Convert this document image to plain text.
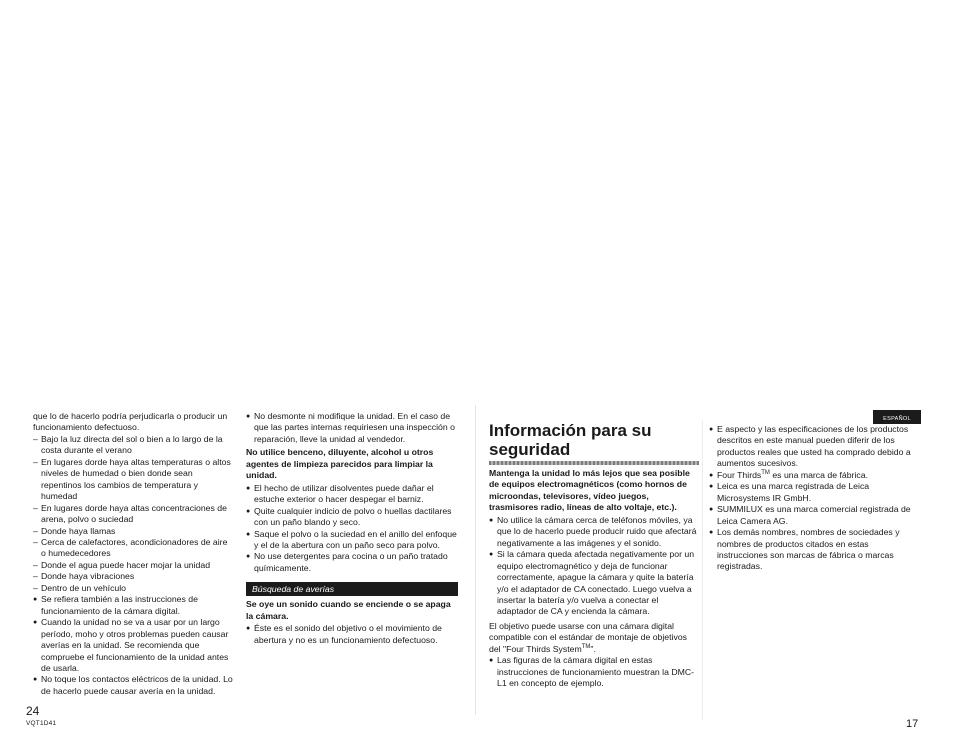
que lo de hacerlo podría perjudicarla o producir un funcionamiento defectuoso.

– Bajo la luz directa del sol o bien a lo largo de la costa durante el verano
– En lugares dorde haya altas temperaturas o altos niveles de humedad o bien donde sean repentinos los cambios de temperatura y humedad
– En lugares dorde haya altas concentraciones de arena, polvo o suciedad
– Donde haya llamas
– Cerca de calefactores, acondicionadores de aire o humedecedores
– Donde el agua puede hacer mojar la unidad
– Donde haya vibraciones
– Dentro de un vehículo
● Se refiera también a las instrucciones de funcionamiento de la cámara digital.
● Cuando la unidad no se va a usar por un largo período, moho y otros problemas pueden causar averías en la unidad. Se recomienda que compruebe el funcionamiento de la unidad antes de usarla.
● No toque los contactos eléctricos de la unidad. Lo de hacerlo puede causar avería en la unidad.
● No desmonte ni modifique la unidad. En el caso de que las partes internas requiriesen una inspección o reparación, lleve la unidad al vendedor.

No utilice benceno, diluyente, alcohol u otros agentes de limpieza parecidos para limpiar la unidad.

● El hecho de utilizar disolventes puede dañar el estuche exterior o hacer despegar el barniz.
● Quite cualquier indicio de polvo o huellas dactilares con un paño blando y seco.
● Saque el polvo o la suciedad en el anillo del enfoque y el de la abertura con un paño seco para polvo.
● No use detergentes para cocina o un paño tratado químicamente.
Búsqueda de averías

Se oye un sonido cuando se enciende o se apaga la cámara.

● Éste es el sonido del objetivo o el movimiento de abertura y no es un funcionamiento defectuoso.
24
VQT1D41
Información para su seguridad

Mantenga la unidad lo más lejos que sea posible de equipos electromagnéticos (como hornos de microondas, televisores, vídeo juegos, trasmisores radio, líneas de alto voltaje, etc.).

● No utilice la cámara cerca de teléfonos móviles, ya que lo de hacerlo puede producir ruido que afectará negativamente a las imágenes y el sonido.
● Si la cámara queda afectada negativamente por un equipo electromagnético y deja de funcionar correctamente, apague la cámara y quite la batería y/o el adaptador de CA conectado. Luego vuelva a insertar la batería y/o vuelva a conectar el adaptador de CA y encienda la cámara.

El objetivo puede usarse con una cámara digital compatible con el estándar de montaje de objetivos del "Four Thirds System™".

● Las figuras de la cámara digital en estas instrucciones de funcionamiento muestran la DMC-L1 en concepto de ejemplo.
ESPAÑOL
● E aspecto y las especificaciones de los productos descritos en este manual pueden diferir de los productos reales que usted ha comprado debido a aumentos sucesivos.
● Four Thirds™ es una marca de fábrica.
● Leica es una marca registrada de Leica Microsystems IR GmbH.
● SUMMILUX es una marca comercial registrada de Leica Camera AG.
● Los demás nombres, nombres de sociedades y nombres de productos citados en estas instrucciones son marcas de fábrica o marcas registradas.
17
